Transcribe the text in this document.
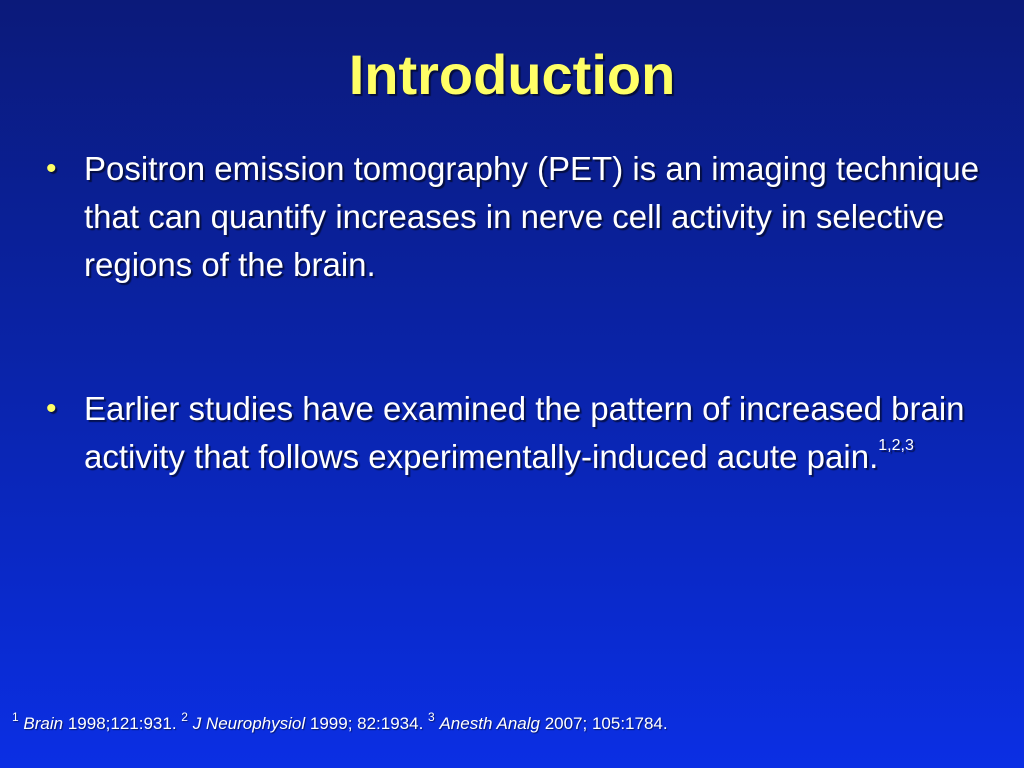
Introduction
• Positron emission tomography (PET) is an imaging technique that can quantify increases in nerve cell activity in selective regions of the brain.
• Earlier studies have examined the pattern of increased brain activity that follows experimentally-induced acute pain.$^{1,2,3}$
$^1$ Brain 1998;121:931. $^2$ J Neurophysiol 1999; 82:1934. $^3$ Anesth Analg 2007; 105:1784.
